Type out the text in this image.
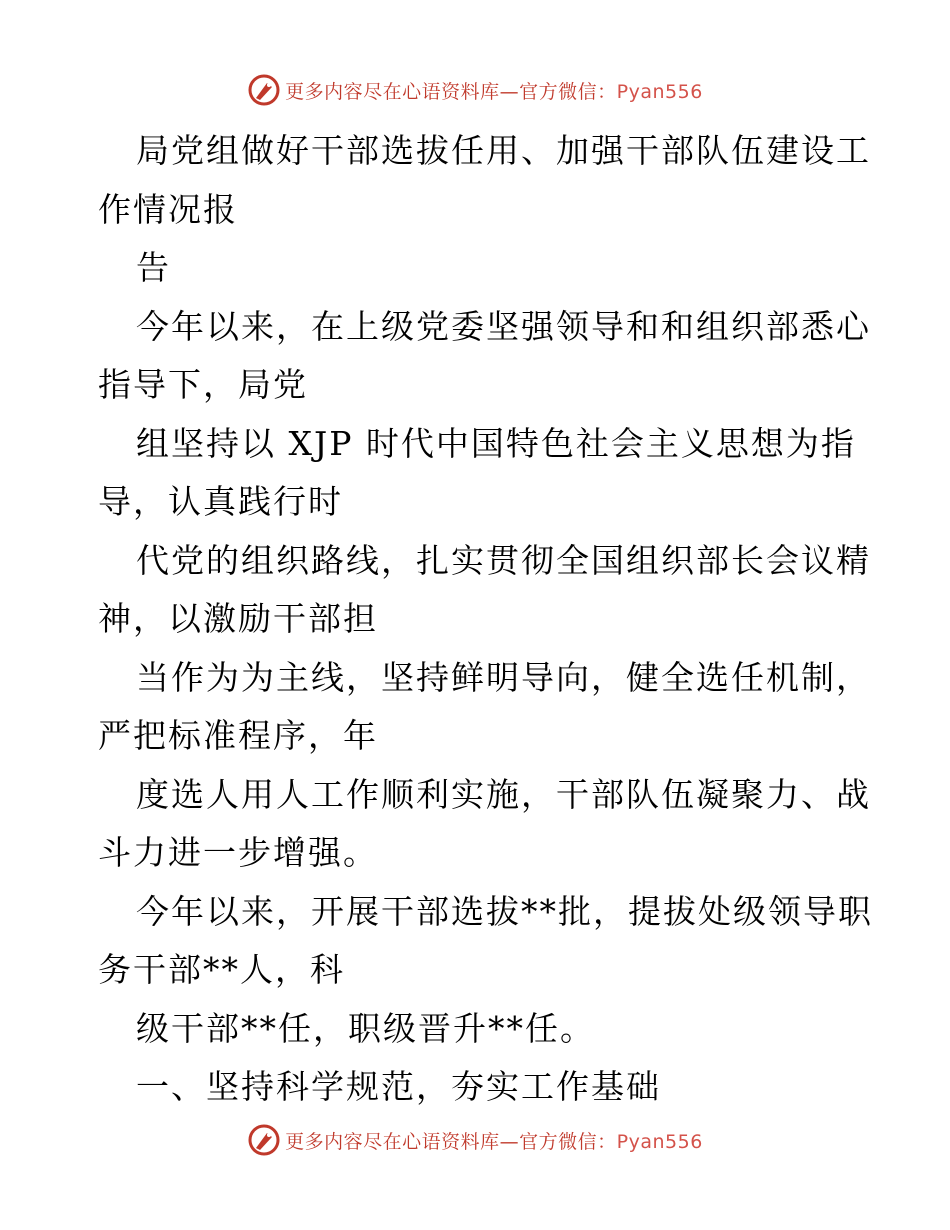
更多内容尽在心语资料库—官方微信：Pyan556
局党组做好干部选拔任用、加强干部队伍建设工
作情况报
告
今年以来，在上级党委坚强领导和和组织部悉心
指导下，局党
组坚持以 XJP 时代中国特色社会主义思想为指
导，认真践行时
代党的组织路线，扎实贯彻全国组织部长会议精
神，以激励干部担
当作为为主线，坚持鲜明导向，健全选任机制，
严把标准程序，年
度选人用人工作顺利实施，干部队伍凝聚力、战
斗力进一步增强。
今年以来，开展干部选拔**批，提拔处级领导职
务干部**人，科
级干部**任，职级晋升**任。
一、坚持科学规范，夯实工作基础
更多内容尽在心语资料库—官方微信：Pyan556
